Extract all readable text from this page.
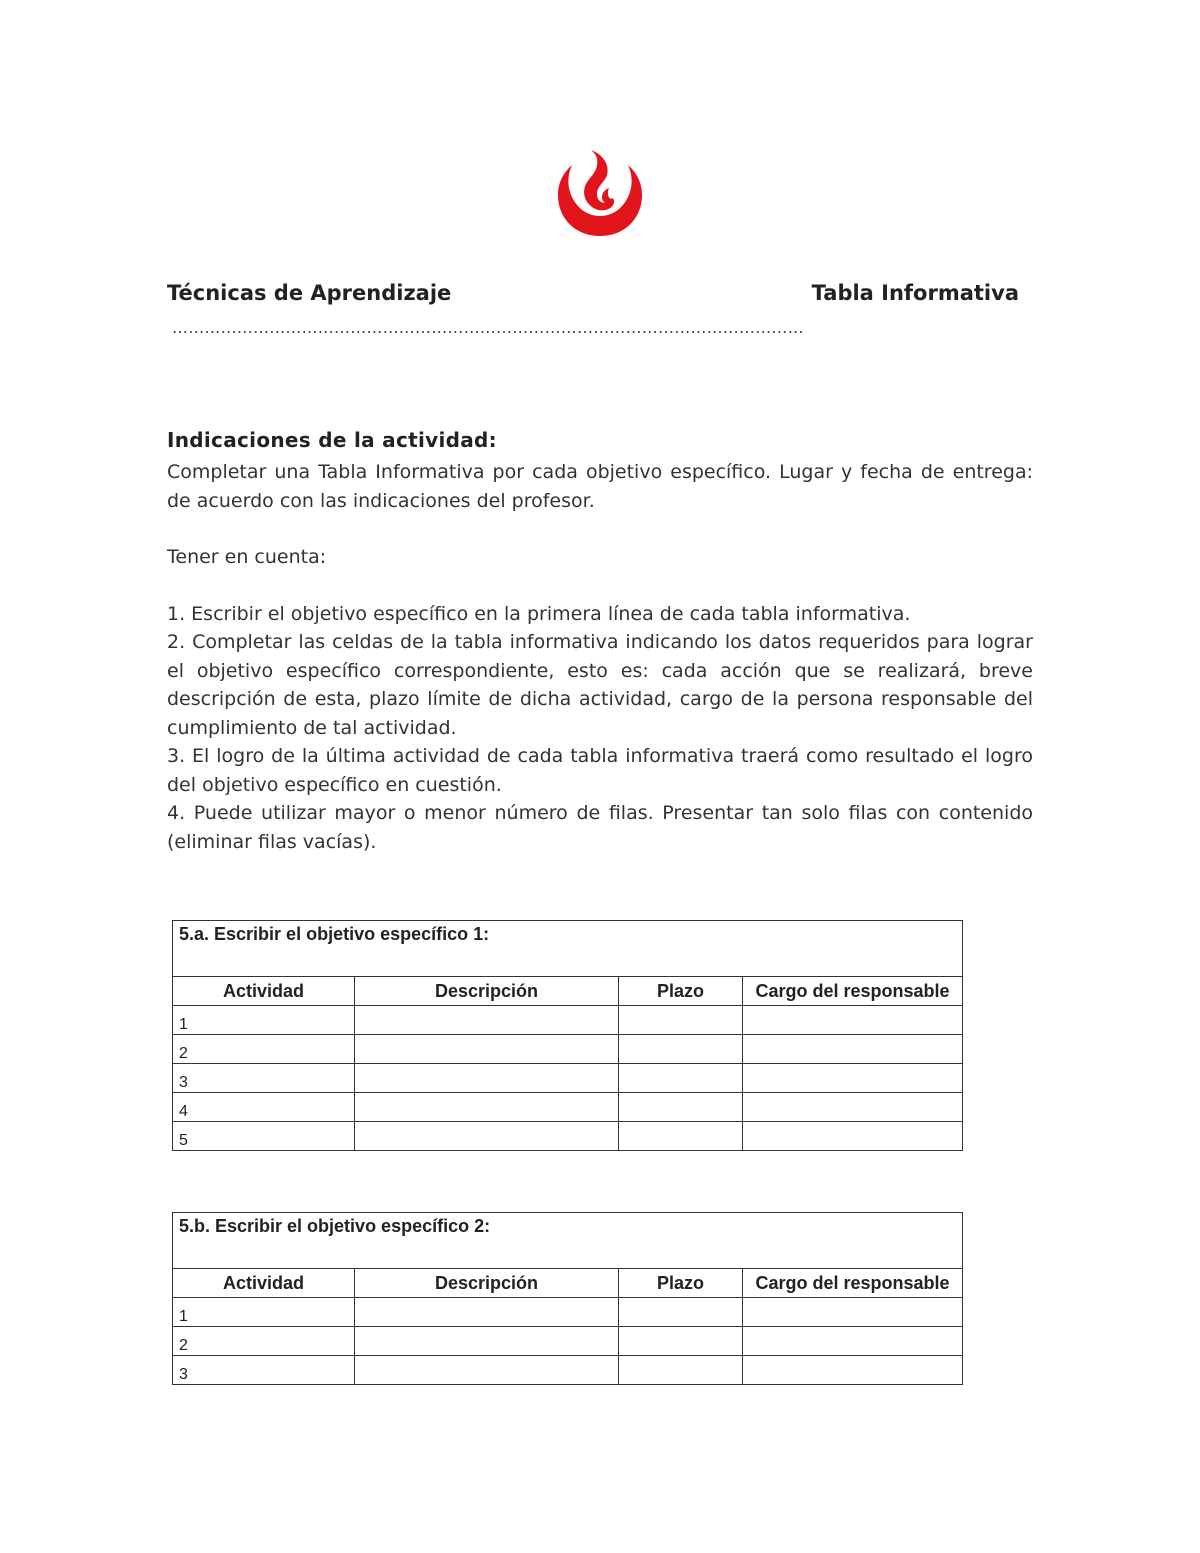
Técnicas de Aprendizaje	Tabla Informativa
………………………………………………………………………………………………………
Indicaciones de la actividad:

Completar una Tabla Informativa por cada objetivo específico. Lugar y fecha de entrega: de acuerdo con las indicaciones del profesor.

Tener en cuenta:

1. Escribir el objetivo específico en la primera línea de cada tabla informativa.

2. Completar las celdas de la tabla informativa indicando los datos requeridos para lograr el objetivo específico correspondiente, esto es: cada acción que se realizará, breve descripción de esta, plazo límite de dicha actividad, cargo de la persona responsable del cumplimiento de tal actividad.

3. El logro de la última actividad de cada tabla informativa traerá como resultado el logro del objetivo específico en cuestión.

4. Puede utilizar mayor o menor número de filas. Presentar tan solo filas con contenido (eliminar filas vacías).

5.a. Escribir el objetivo específico 1:			
Actividad	Descripción	Plazo	Cargo del responsable
1			
2			
3			
4			
5			
5.b. Escribir el objetivo específico 2:			
Actividad	Descripción	Plazo	Cargo del responsable
1			
2			
3			
